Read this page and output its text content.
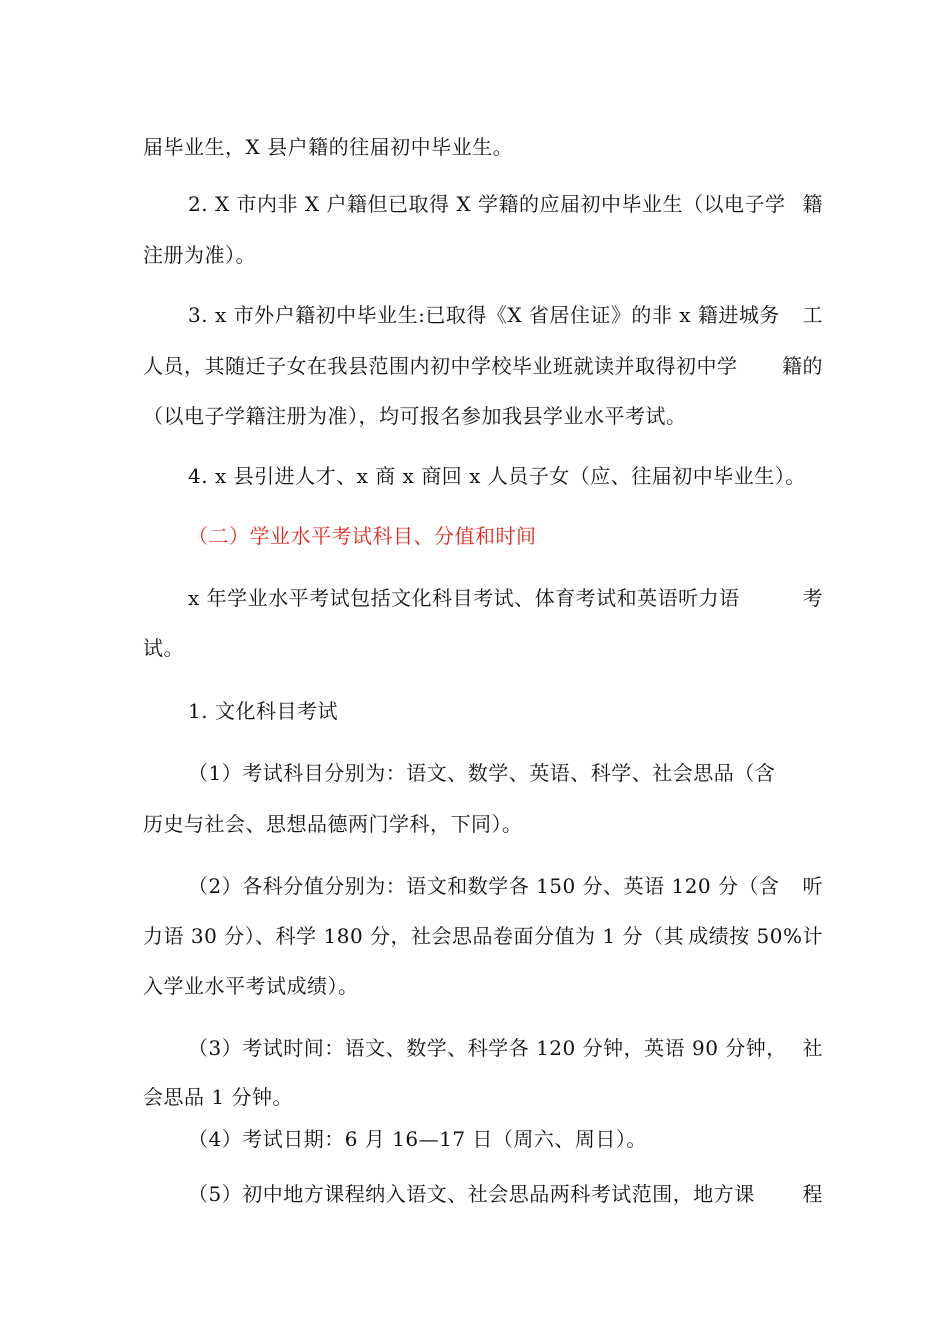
届毕业生，X 县户籍的往届初中毕业生。
2. X 市内非 X 户籍但已取得 X 学籍的应届初中毕业生（以电子学 籍
注册为准）。
3. x 市外户籍初中毕业生:已取得《X 省居住证》的非 x 籍进城务 工
人员，其随迁子女在我县范围内初中学校毕业班就读并取得初中学 籍的
（以电子学籍注册为准），均可报名参加我县学业水平考试。
4. x 县引进人才、x 商 x 商回 x 人员子女（应、往届初中毕业生）。
（二）学业水平考试科目、分值和时间
x 年学业水平考试包括文化科目考试、体育考试和英语听力语	考
试。
1. 文化科目考试
（1）考试科目分别为：语文、数学、英语、科学、社会思品（含
历史与社会、思想品德两门学科，下同）。
（2）各科分值分别为：语文和数学各 150 分、英语 120 分（含 听
力语 30 分）、科学 180 分，社会思品卷面分值为 1 分（其 成绩按 50%计
入学业水平考试成绩）。
（3）考试时间：语文、数学、科学各 120 分钟，英语 90 分钟， 社
会思品 1 分钟。
（4）考试日期：6 月 16—17 日（周六、周日）。
（5）初中地方课程纳入语文、社会思品两科考试范围，地方课 程
